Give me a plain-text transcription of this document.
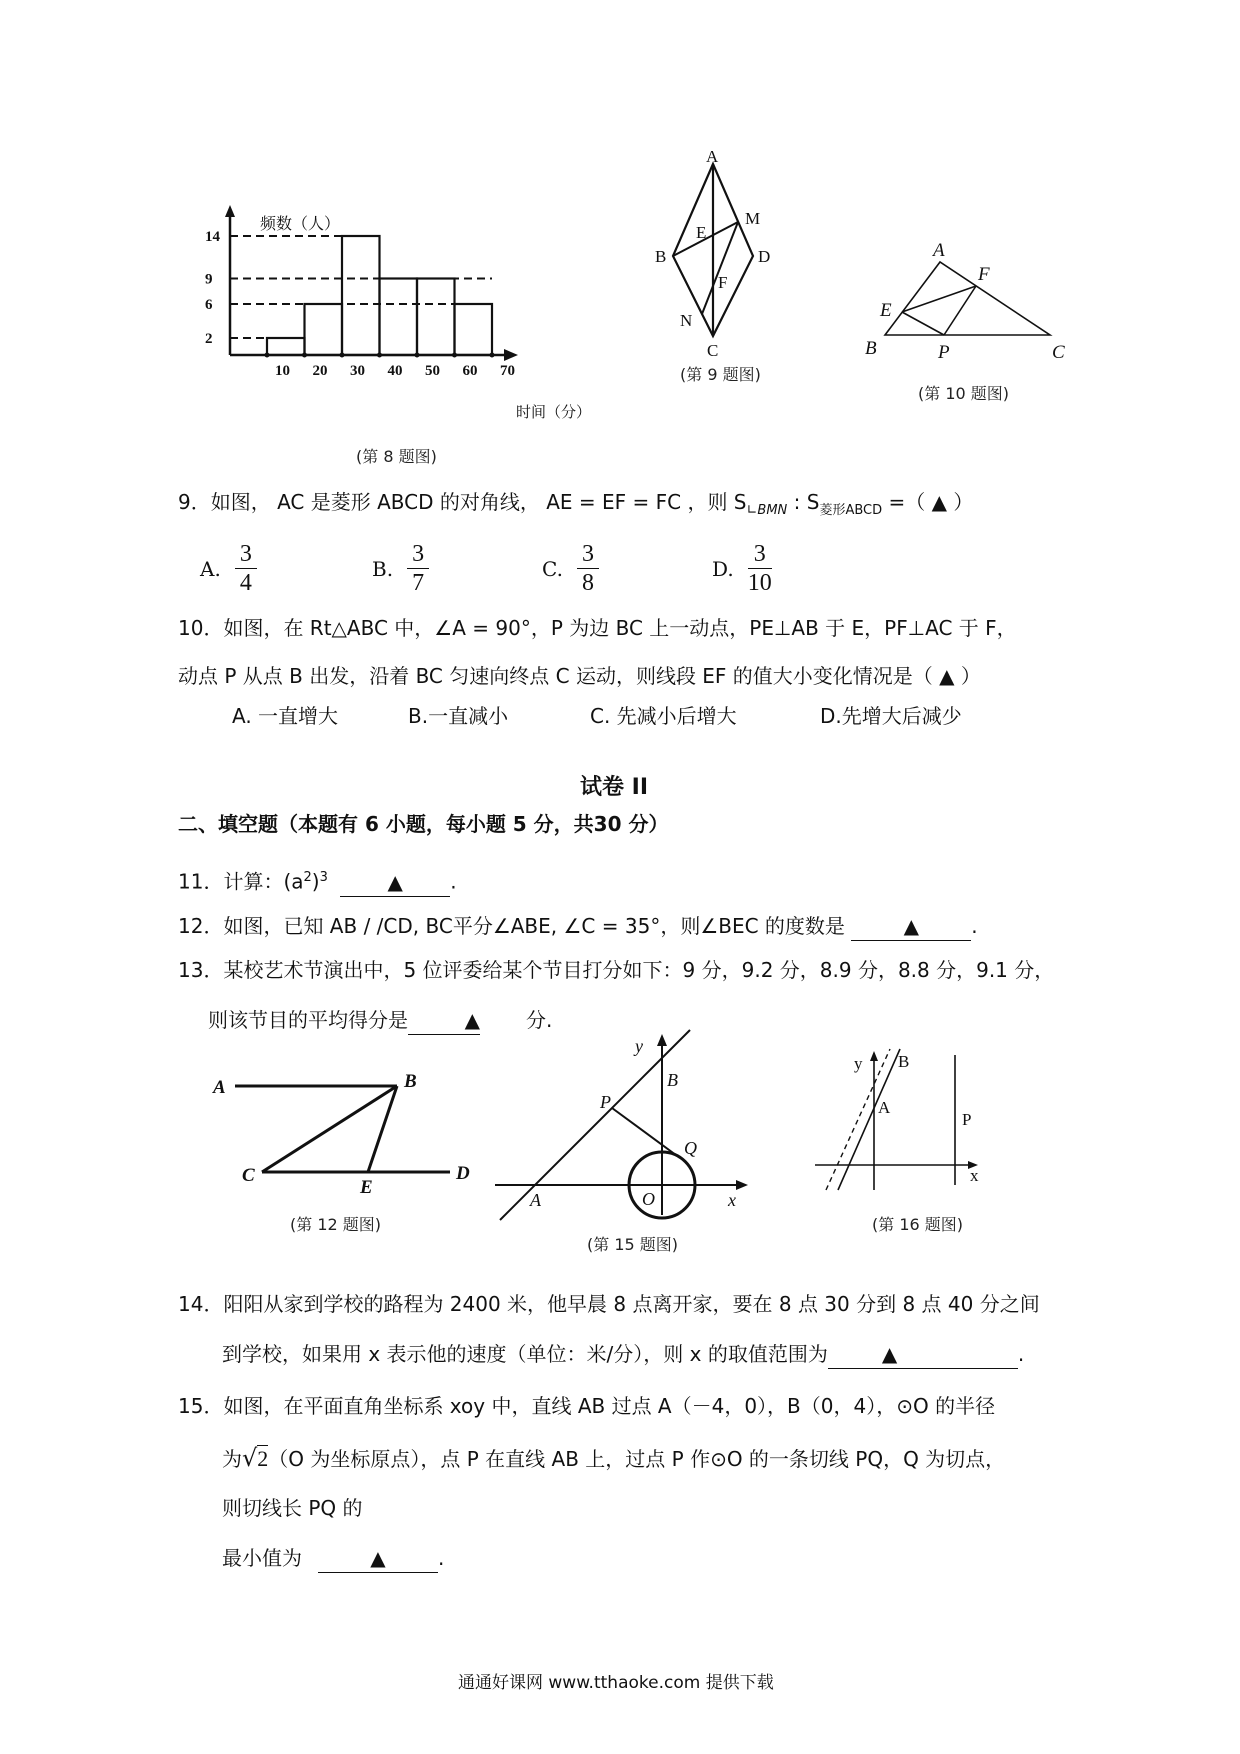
14
9
6
2
10 20 30 40 50 60 70
频数（人）
时间（分）
(第 8 题图)
A
B
C
D
E
F
M
N
(第 9 题图)
A
F
E
B	P	C
(第 10 题图)
9．如图， AC 是菱形 ABCD 的对角线， AE = EF = FC ，则 $S_{∟BMN}$ : $S_{菱形ABCD}$ =（ ▲ ）
A. $\frac{3}{4}$	B. $\frac{3}{7}$	C. $\frac{3}{8}$	D. $\frac{3}{10}$
10．如图，在 Rt△ABC 中，∠A = 90°，P 为边 BC 上一动点，PE⊥AB 于 E，PF⊥AC 于 F，
动点 P 从点 B 出发，沿着 BC 匀速向终点 C 运动，则线段 EF 的值大小变化情况是（ ▲ ）
A. 一直增大	B.一直减小	C. 先减小后增大	D.先增大后减少
试卷 II
二、填空题（本题有 6 小题，每小题 5 分，共30 分）
11．计算：$(a^2)^3$	▲ .
12．如图，已知 AB / /CD, BC平分∠ABE, ∠C = 35°，则∠BEC 的度数是	▲	.
13．某校艺术节演出中，5 位评委给某个节目打分如下：9 分，9.2 分，8.9 分，8.8 分，9.1 分，
则该节目的平均得分是	▲ 分.
A	B
C
E
D
(第 12 题图)
y
B
P
Q
A	O	x
(第 15 题图)
y B
A
P
x
(第 16 题图)
14．阳阳从家到学校的路程为 2400 米，他早晨 8 点离开家，要在 8 点 30 分到 8 点 40 分之间
到学校，如果用 x 表示他的速度（单位：米/分），则 x 的取值范围为	▲	.
15．如图，在平面直角坐标系 xoy 中，直线 AB 过点 A（－4，0），B（0，4），⊙O 的半径
为√2（O 为坐标原点），点 P 在直线 AB 上，过点 P 作⊙O 的一条切线 PQ，Q 为切点，
则切线长 PQ 的
最小值为	▲	.
通通好课网 www.tthaoke.com 提供下载
